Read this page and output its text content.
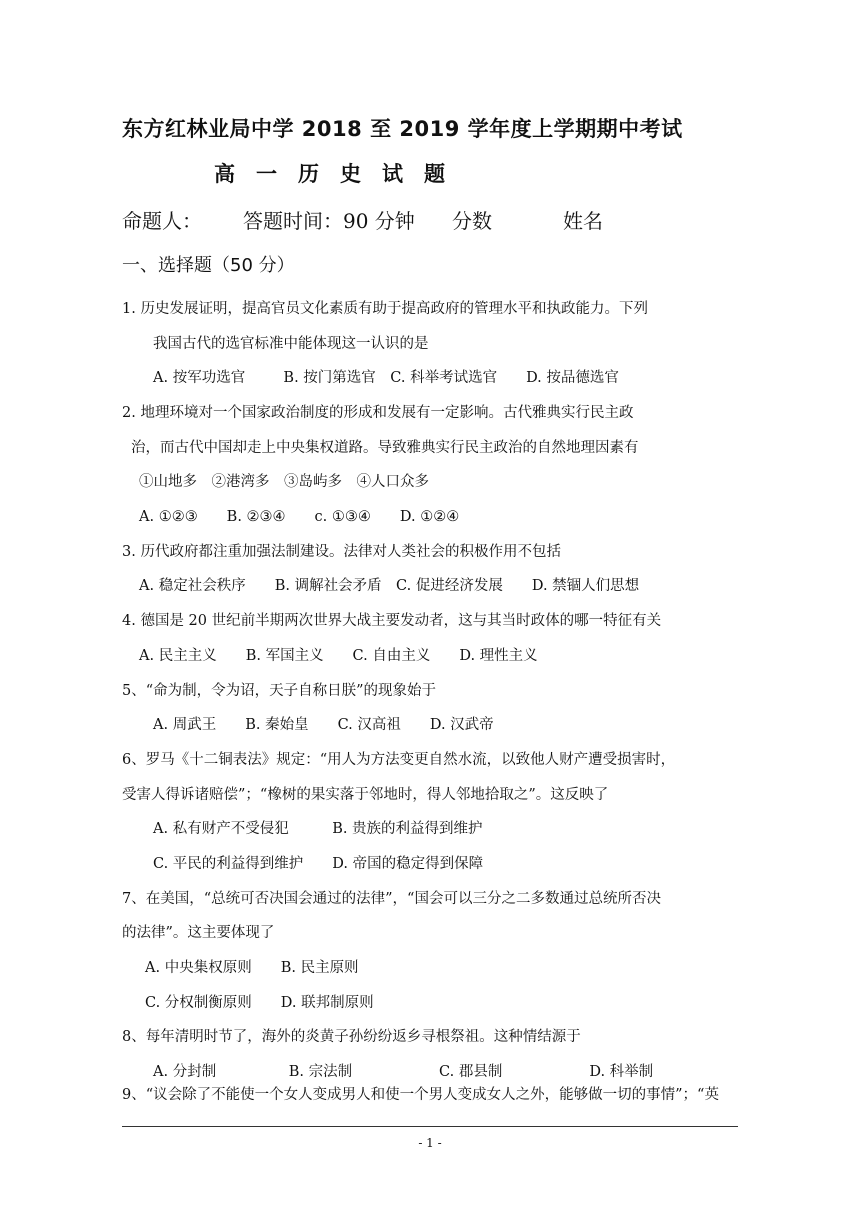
东方红林业局中学 2018 至 2019 学年度上学期期中考试
高　一　历　史　试　题
命题人： 答题时间：90 分钟 分数	姓名
一、选择题（50 分）
1. 历史发展证明，提高官员文化素质有助于提高政府的管理水平和执政能力。下列
我国古代的选官标准中能体现这一认识的是
A. 按军功选官　　  B. 按门第选官　C. 科举考试选官　　D. 按品德选官
2. 地理环境对一个国家政治制度的形成和发展有一定影响。古代雅典实行民主政
治，而古代中国却走上中央集权道路。导致雅典实行民主政治的自然地理因素有
①山地多　②港湾多　③岛屿多　④人口众多
A. ①②③　　B. ②③④　　c. ①③④　　D. ①②④
3. 历代政府都注重加强法制建设。法律对人类社会的积极作用不包括
A. 稳定社会秩序　　B. 调解社会矛盾　C. 促进经济发展　　D. 禁锢人们思想
4. 德国是 20 世纪前半期两次世界大战主要发动者，这与其当时政体的哪一特征有关
A. 民主主义　　B. 军国主义　　C. 自由主义　　D. 理性主义
5、“命为制，令为诏，天子自称日朕”的现象始于
A. 周武王　　B. 秦始皇　　C. 汉高祖　　D. 汉武帝
6、罗马《十二铜表法》规定：“用人为方法变更自然水流，以致他人财产遭受损害时，
受害人得诉诸赔偿”；“橡树的果实落于邻地时，得人邻地拾取之”。这反映了
A. 私有财产不受侵犯　　　B. 贵族的利益得到维护
C. 平民的利益得到维护　　D. 帝国的稳定得到保障
7、在美国，“总统可否决国会通过的法律”，“国会可以三分之二多数通过总统所否决
的法律”。这主要体现了
A. 中央集权原则　　B. 民主原则
C. 分权制衡原则　　D. 联邦制原则
8、每年清明时节了，海外的炎黄子孙纷纷返乡寻根祭祖。这种情结源于
A. 分封制　　　　　B. 宗法制　　　　　　C. 郡县制　　　　　　D. 科举制
9、“议会除了不能使一个女人变成男人和使一个男人变成女人之外，能够做一切的事情”；“英
- 1 -
